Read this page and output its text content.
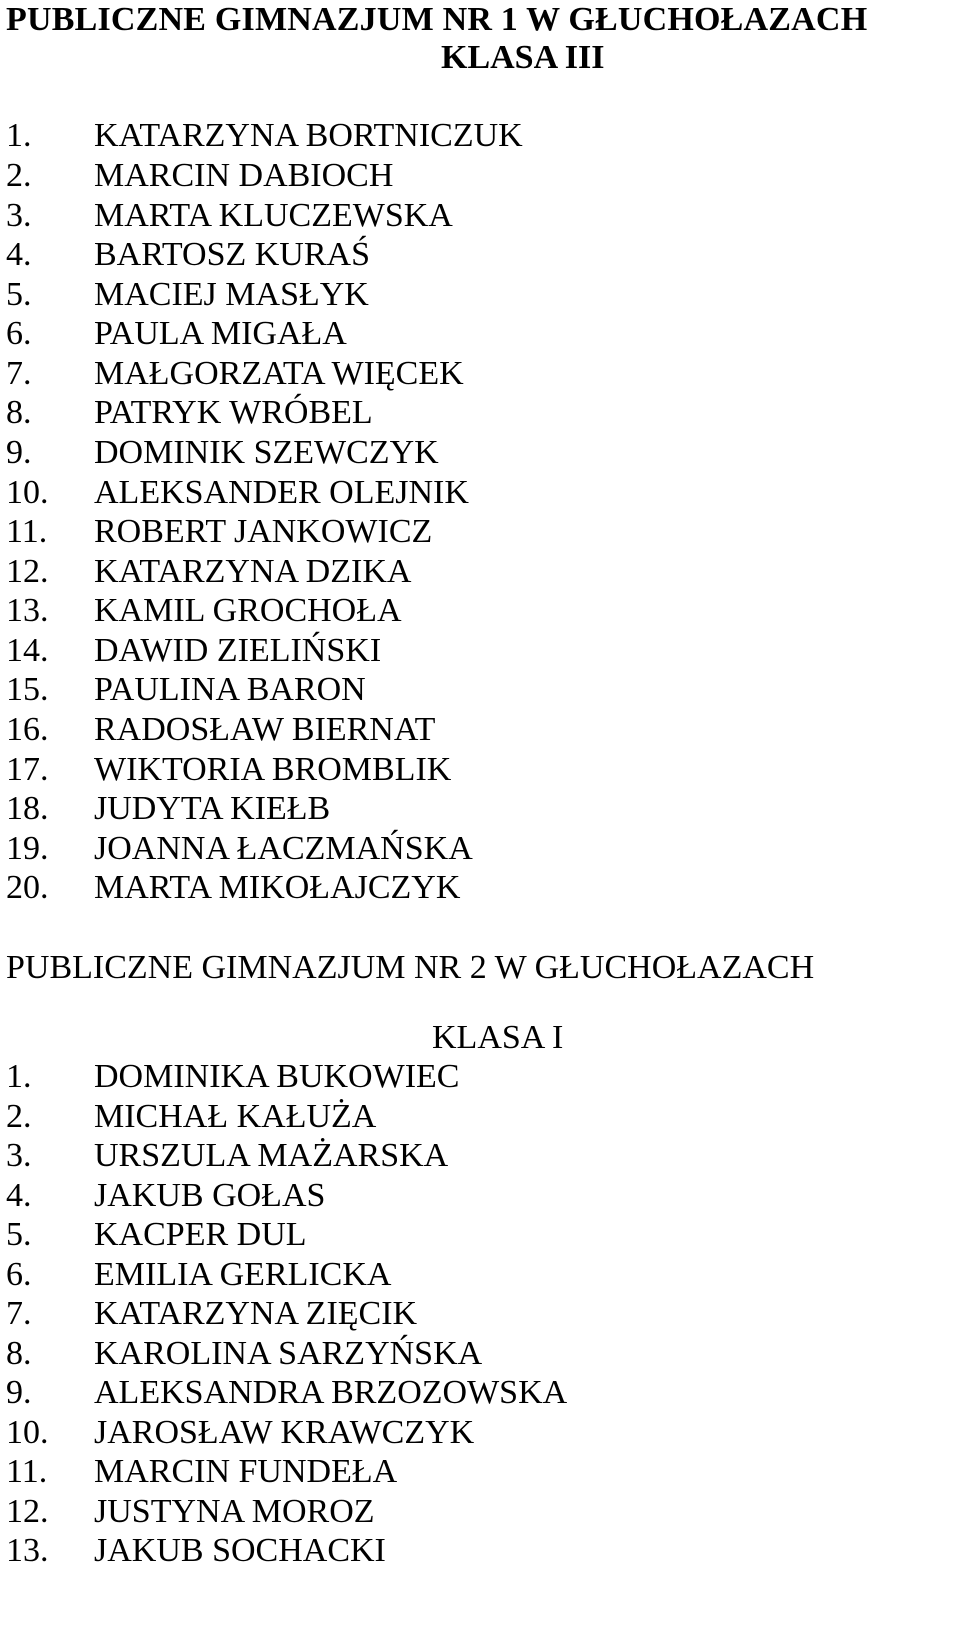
PUBLICZNE GIMNAZJUM NR 1 W GŁUCHOŁAZACH
KLASA III
1. KATARZYNA BORTNICZUK
2. MARCIN DABIOCH
3. MARTA KLUCZEWSKA
4. BARTOSZ KURAŚ
5. MACIEJ MASŁYK
6. PAULA MIGAŁA
7. MAŁGORZATA WIĘCEK
8. PATRYK WRÓBEL
9. DOMINIK SZEWCZYK
10. ALEKSANDER OLEJNIK
11. ROBERT JANKOWICZ
12. KATARZYNA DZIKA
13. KAMIL GROCHOŁA
14. DAWID ZIELIŃSKI
15. PAULINA BARON
16. RADOSŁAW BIERNAT
17. WIKTORIA BROMBLIK
18. JUDYTA KIEŁB
19. JOANNA ŁACZMAŃSKA
20. MARTA MIKOŁAJCZYK
PUBLICZNE GIMNAZJUM NR 2 W GŁUCHOŁAZACH
KLASA I
1. DOMINIKA BUKOWIEC
2. MICHAŁ KAŁUŻA
3. URSZULA MAŻARSKA
4. JAKUB GOŁAS
5. KACPER DUL
6. EMILIA GERLICKA
7. KATARZYNA ZIĘCIK
8. KAROLINA SARZYŃSKA
9. ALEKSANDRA BRZOZOWSKA
10. JAROSŁAW KRAWCZYK
11. MARCIN FUNDEŁA
12. JUSTYNA MOROZ
13. JAKUB SOCHACKI
